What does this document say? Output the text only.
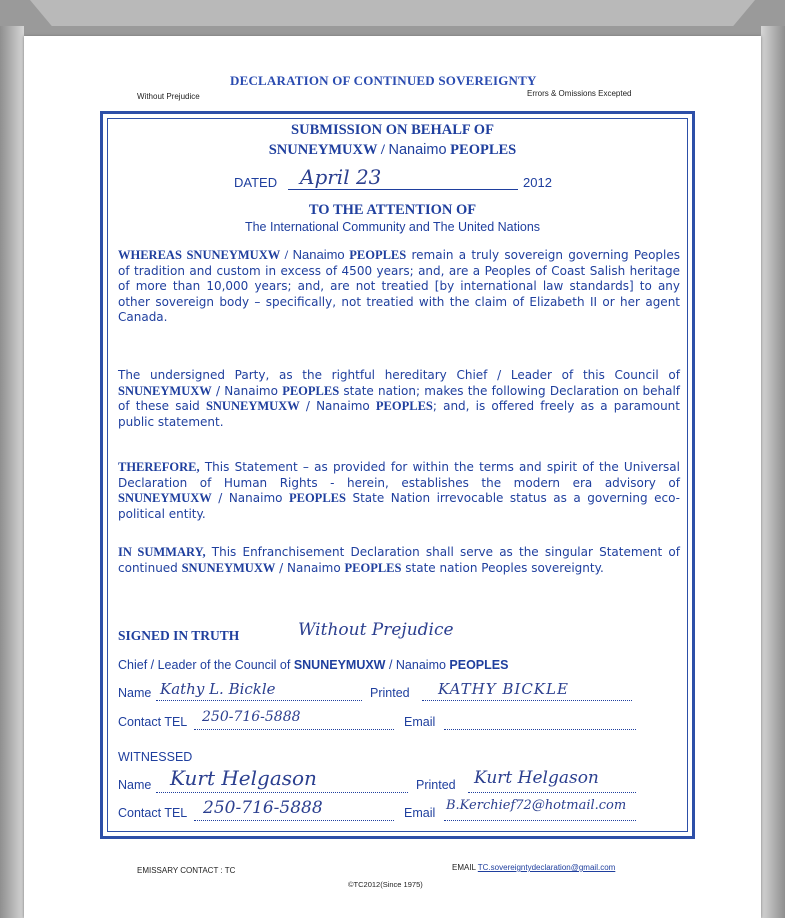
DECLARATION OF CONTINUED SOVEREIGNTY
Without Prejudice	Errors & Omissions Excepted
SUBMISSION ON BEHALF OF
SNUNEYMUXW / Nanaimo PEOPLES
DATED April 23	2012
TO THE ATTENTION OF
The International Community and The United Nations
WHEREAS SNUNEYMUXW / Nanaimo PEOPLES remain a truly sovereign governing Peoples of tradition and custom in excess of 4500 years; and, are a Peoples of Coast Salish heritage of more than 10,000 years; and, are not treatied [by international law standards] to any other sovereign body – specifically, not treatied with the claim of Elizabeth II or her agent Canada.
The undersigned Party, as the rightful hereditary Chief / Leader of this Council of SNUNEYMUXW / Nanaimo PEOPLES state nation; makes the following Declaration on behalf of these said SNUNEYMUXW / Nanaimo PEOPLES; and, is offered freely as a paramount public statement.
THEREFORE, This Statement – as provided for within the terms and spirit of the Universal Declaration of Human Rights - herein, establishes the modern era advisory of SNUNEYMUXW / Nanaimo PEOPLES State Nation irrevocable status as a governing eco-political entity.
IN SUMMARY, This Enfranchisement Declaration shall serve as the singular Statement of continued SNUNEYMUXW / Nanaimo PEOPLES state nation Peoples sovereignty.
SIGNED IN TRUTH	Without Prejudice
Chief / Leader of the Council of SNUNEYMUXW / Nanaimo PEOPLES
Name Kathy L. Bickle	Printed KATHY BICKLE
Contact TEL 250-716-5888	Email
WITNESSED
Name Kurt Helgason	Printed Kurt Helgason
Contact TEL 250-716-5888	Email B.Kerchief72@hotmail.com
EMISSARY CONTACT : TC	EMAIL TC.sovereigntydeclaration@gmail.com
©TC2012(Since 1975)
